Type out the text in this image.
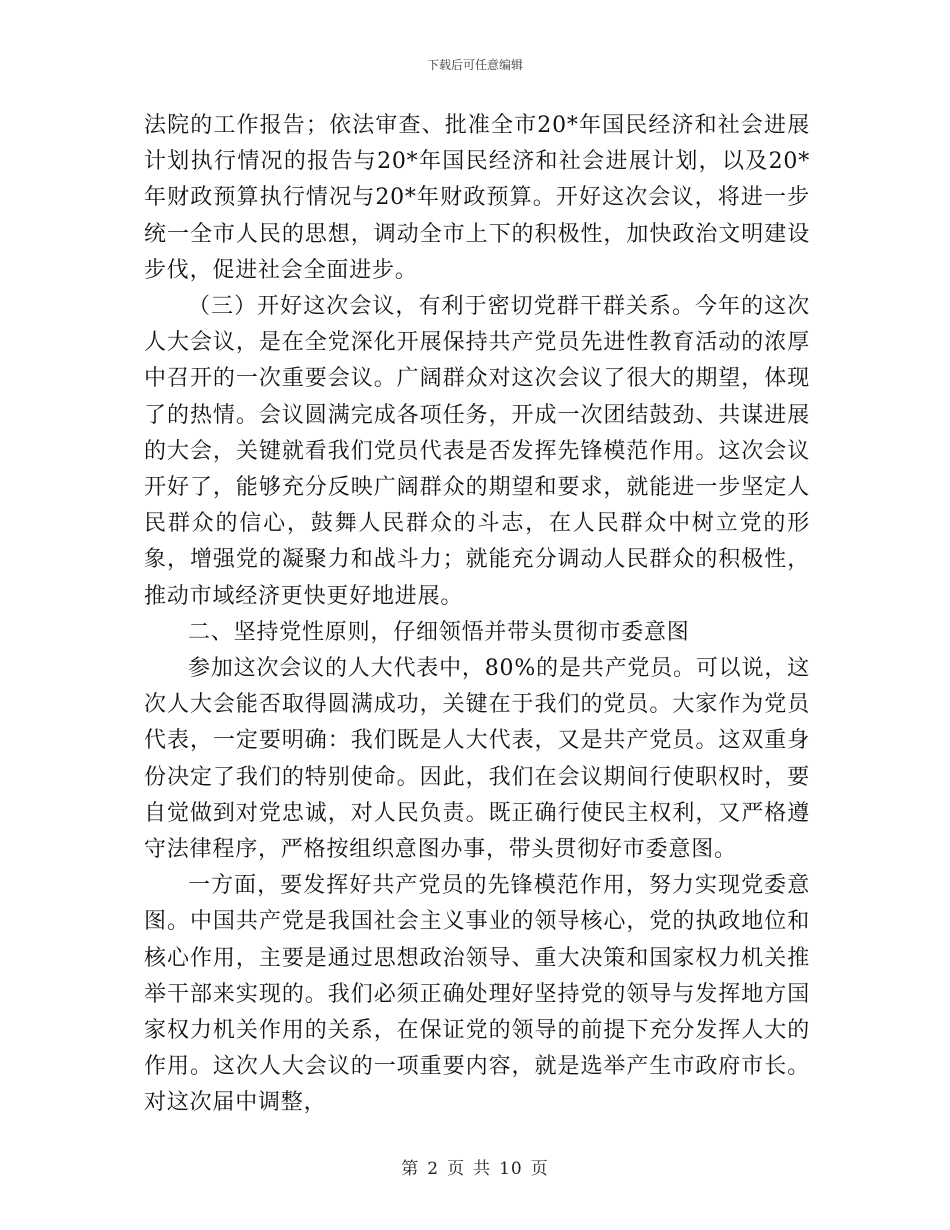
下载后可任意编辑

法院的工作报告；依法审查、批准全市20*年国民经济和社会进展计划执行情况的报告与20*年国民经济和社会进展计划，以及20*年财政预算执行情况与20*年财政预算。开好这次会议，将进一步统一全市人民的思想，调动全市上下的积极性，加快政治文明建设步伐，促进社会全面进步。

（三）开好这次会议，有利于密切党群干群关系。今年的这次人大会议，是在全党深化开展保持共产党员先进性教育活动的浓厚中召开的一次重要会议。广阔群众对这次会议了很大的期望，体现了的热情。会议圆满完成各项任务，开成一次团结鼓劲、共谋进展的大会，关键就看我们党员代表是否发挥先锋模范作用。这次会议开好了，能够充分反映广阔群众的期望和要求，就能进一步坚定人民群众的信心，鼓舞人民群众的斗志，在人民群众中树立党的形象，增强党的凝聚力和战斗力；就能充分调动人民群众的积极性，推动市域经济更快更好地进展。

二、坚持党性原则，仔细领悟并带头贯彻市委意图

参加这次会议的人大代表中，80%的是共产党员。可以说，这次人大会能否取得圆满成功，关键在于我们的党员。大家作为党员代表，一定要明确：我们既是人大代表，又是共产党员。这双重身份决定了我们的特别使命。因此，我们在会议期间行使职权时，要自觉做到对党忠诚，对人民负责。既正确行使民主权利，又严格遵守法律程序，严格按组织意图办事，带头贯彻好市委意图。

一方面，要发挥好共产党员的先锋模范作用，努力实现党委意图。中国共产党是我国社会主义事业的领导核心，党的执政地位和核心作用，主要是通过思想政治领导、重大决策和国家权力机关推举干部来实现的。我们必须正确处理好坚持党的领导与发挥地方国家权力机关作用的关系，在保证党的领导的前提下充分发挥人大的作用。这次人大会议的一项重要内容，就是选举产生市政府市长。对这次届中调整，

第 2 页 共 10 页
